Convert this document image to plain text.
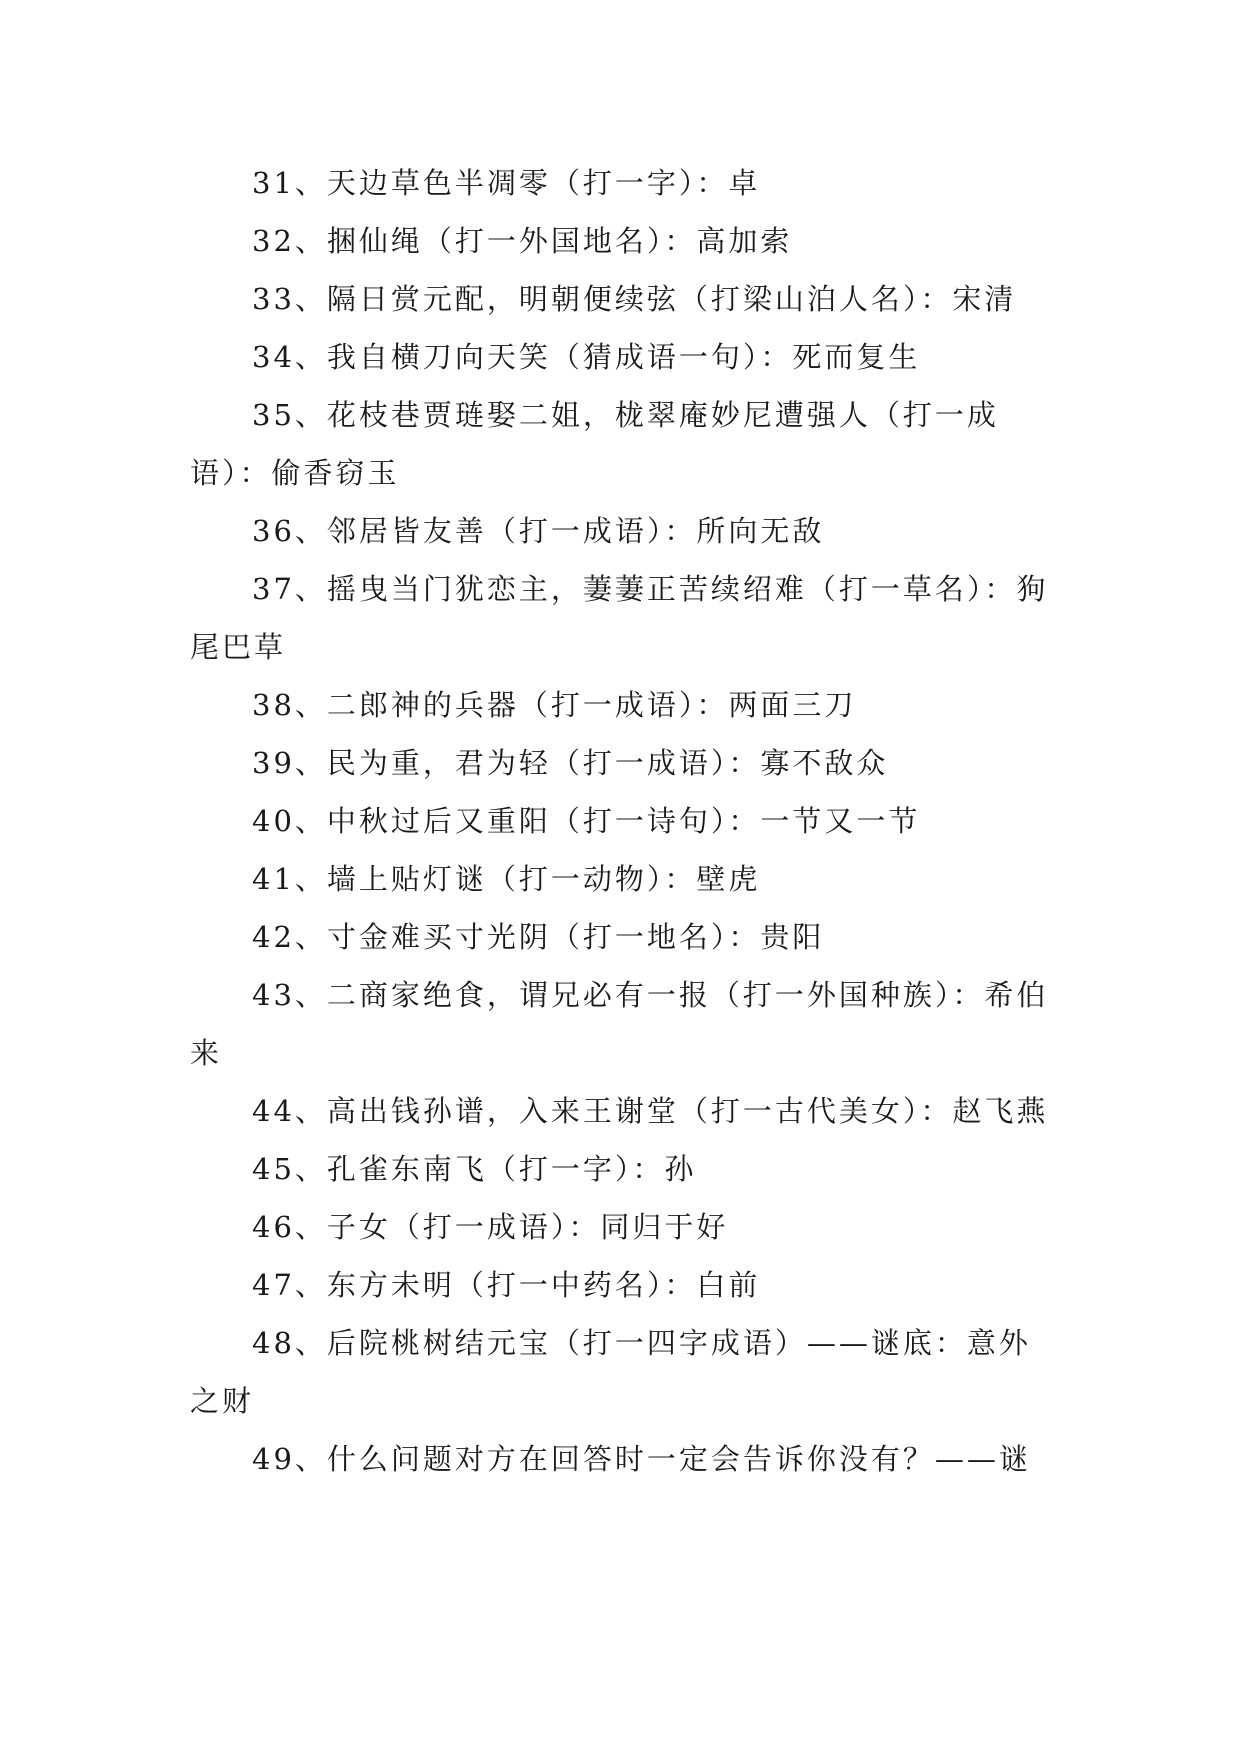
31、天边草色半凋零（打一字）：卓

32、捆仙绳（打一外国地名）：高加索

33、隔日赏元配，明朝便续弦（打梁山泊人名）：宋清

34、我自横刀向天笑（猜成语一句）：死而复生

35、花枝巷贾琏娶二姐，栊翠庵妙尼遭强人（打一成语）：偷香窃玉

36、邻居皆友善（打一成语）：所向无敌

37、摇曳当门犹恋主，萋萋正苦续绍难（打一草名）：狗尾巴草

38、二郎神的兵器（打一成语）：两面三刀

39、民为重，君为轻（打一成语）：寡不敌众

40、中秋过后又重阳（打一诗句）：一节又一节

41、墙上贴灯谜（打一动物）：壁虎

42、寸金难买寸光阴（打一地名）：贵阳

43、二商家绝食，谓兄必有一报（打一外国种族）：希伯来

44、高出钱孙谱，入来王谢堂（打一古代美女）：赵飞燕

45、孔雀东南飞（打一字）：孙

46、子女（打一成语）：同归于好

47、东方未明（打一中药名）：白前

48、后院桃树结元宝（打一四字成语）——谜底：意外之财

49、什么问题对方在回答时一定会告诉你没有？——谜
